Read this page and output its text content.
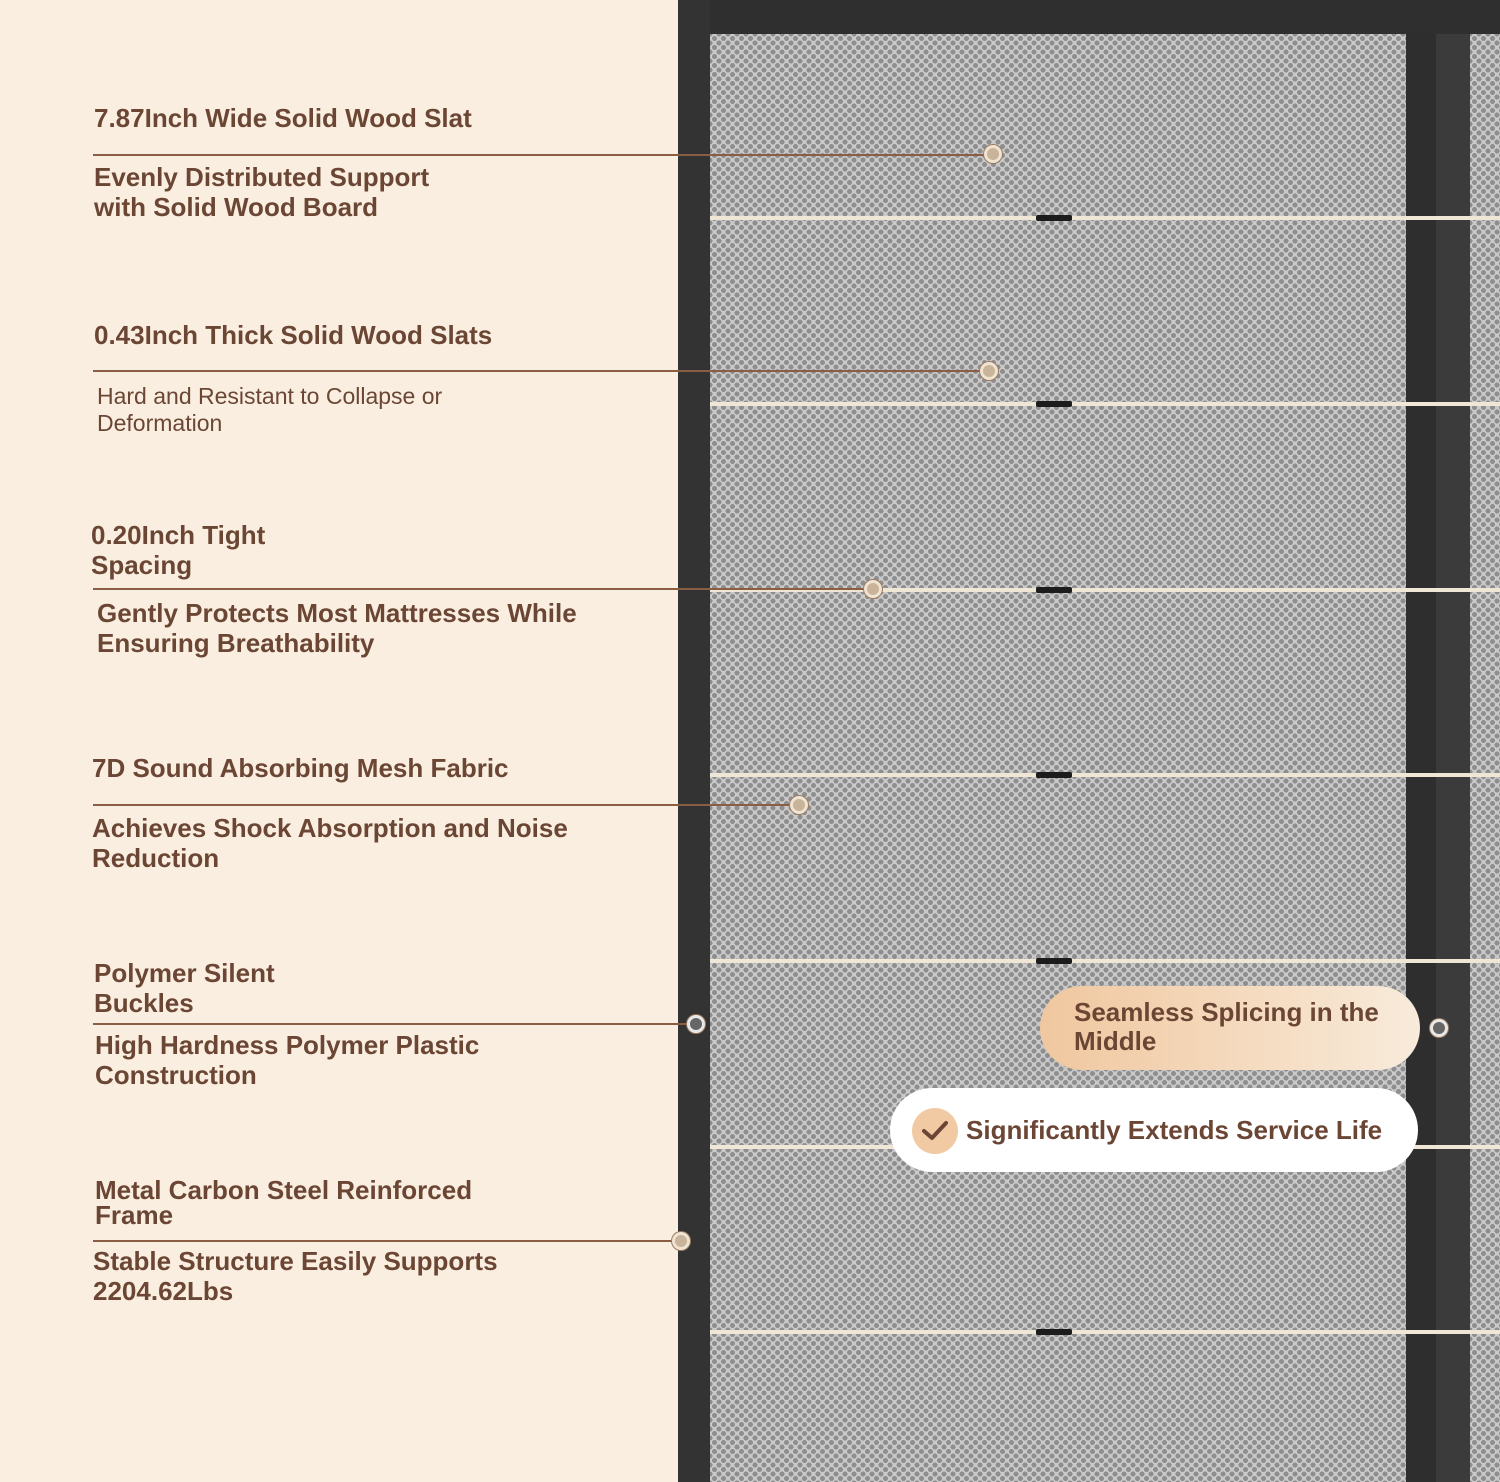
7.87Inch Wide Solid Wood Slat

Evenly Distributed Support
with Solid Wood Board

0.43Inch Thick Solid Wood Slats

Hard and Resistant to Collapse or
Deformation

0.20Inch Tight
Spacing

Gently Protects Most Mattresses While
Ensuring Breathability

7D Sound Absorbing Mesh Fabric

Achieves Shock Absorption and Noise
Reduction

Polymer Silent
Buckles

High Hardness Polymer Plastic
Construction

Metal Carbon Steel Reinforced
Frame

Stable Structure Easily Supports
2204.62Lbs

Seamless Splicing in the Middle
Significantly Extends Service Life
